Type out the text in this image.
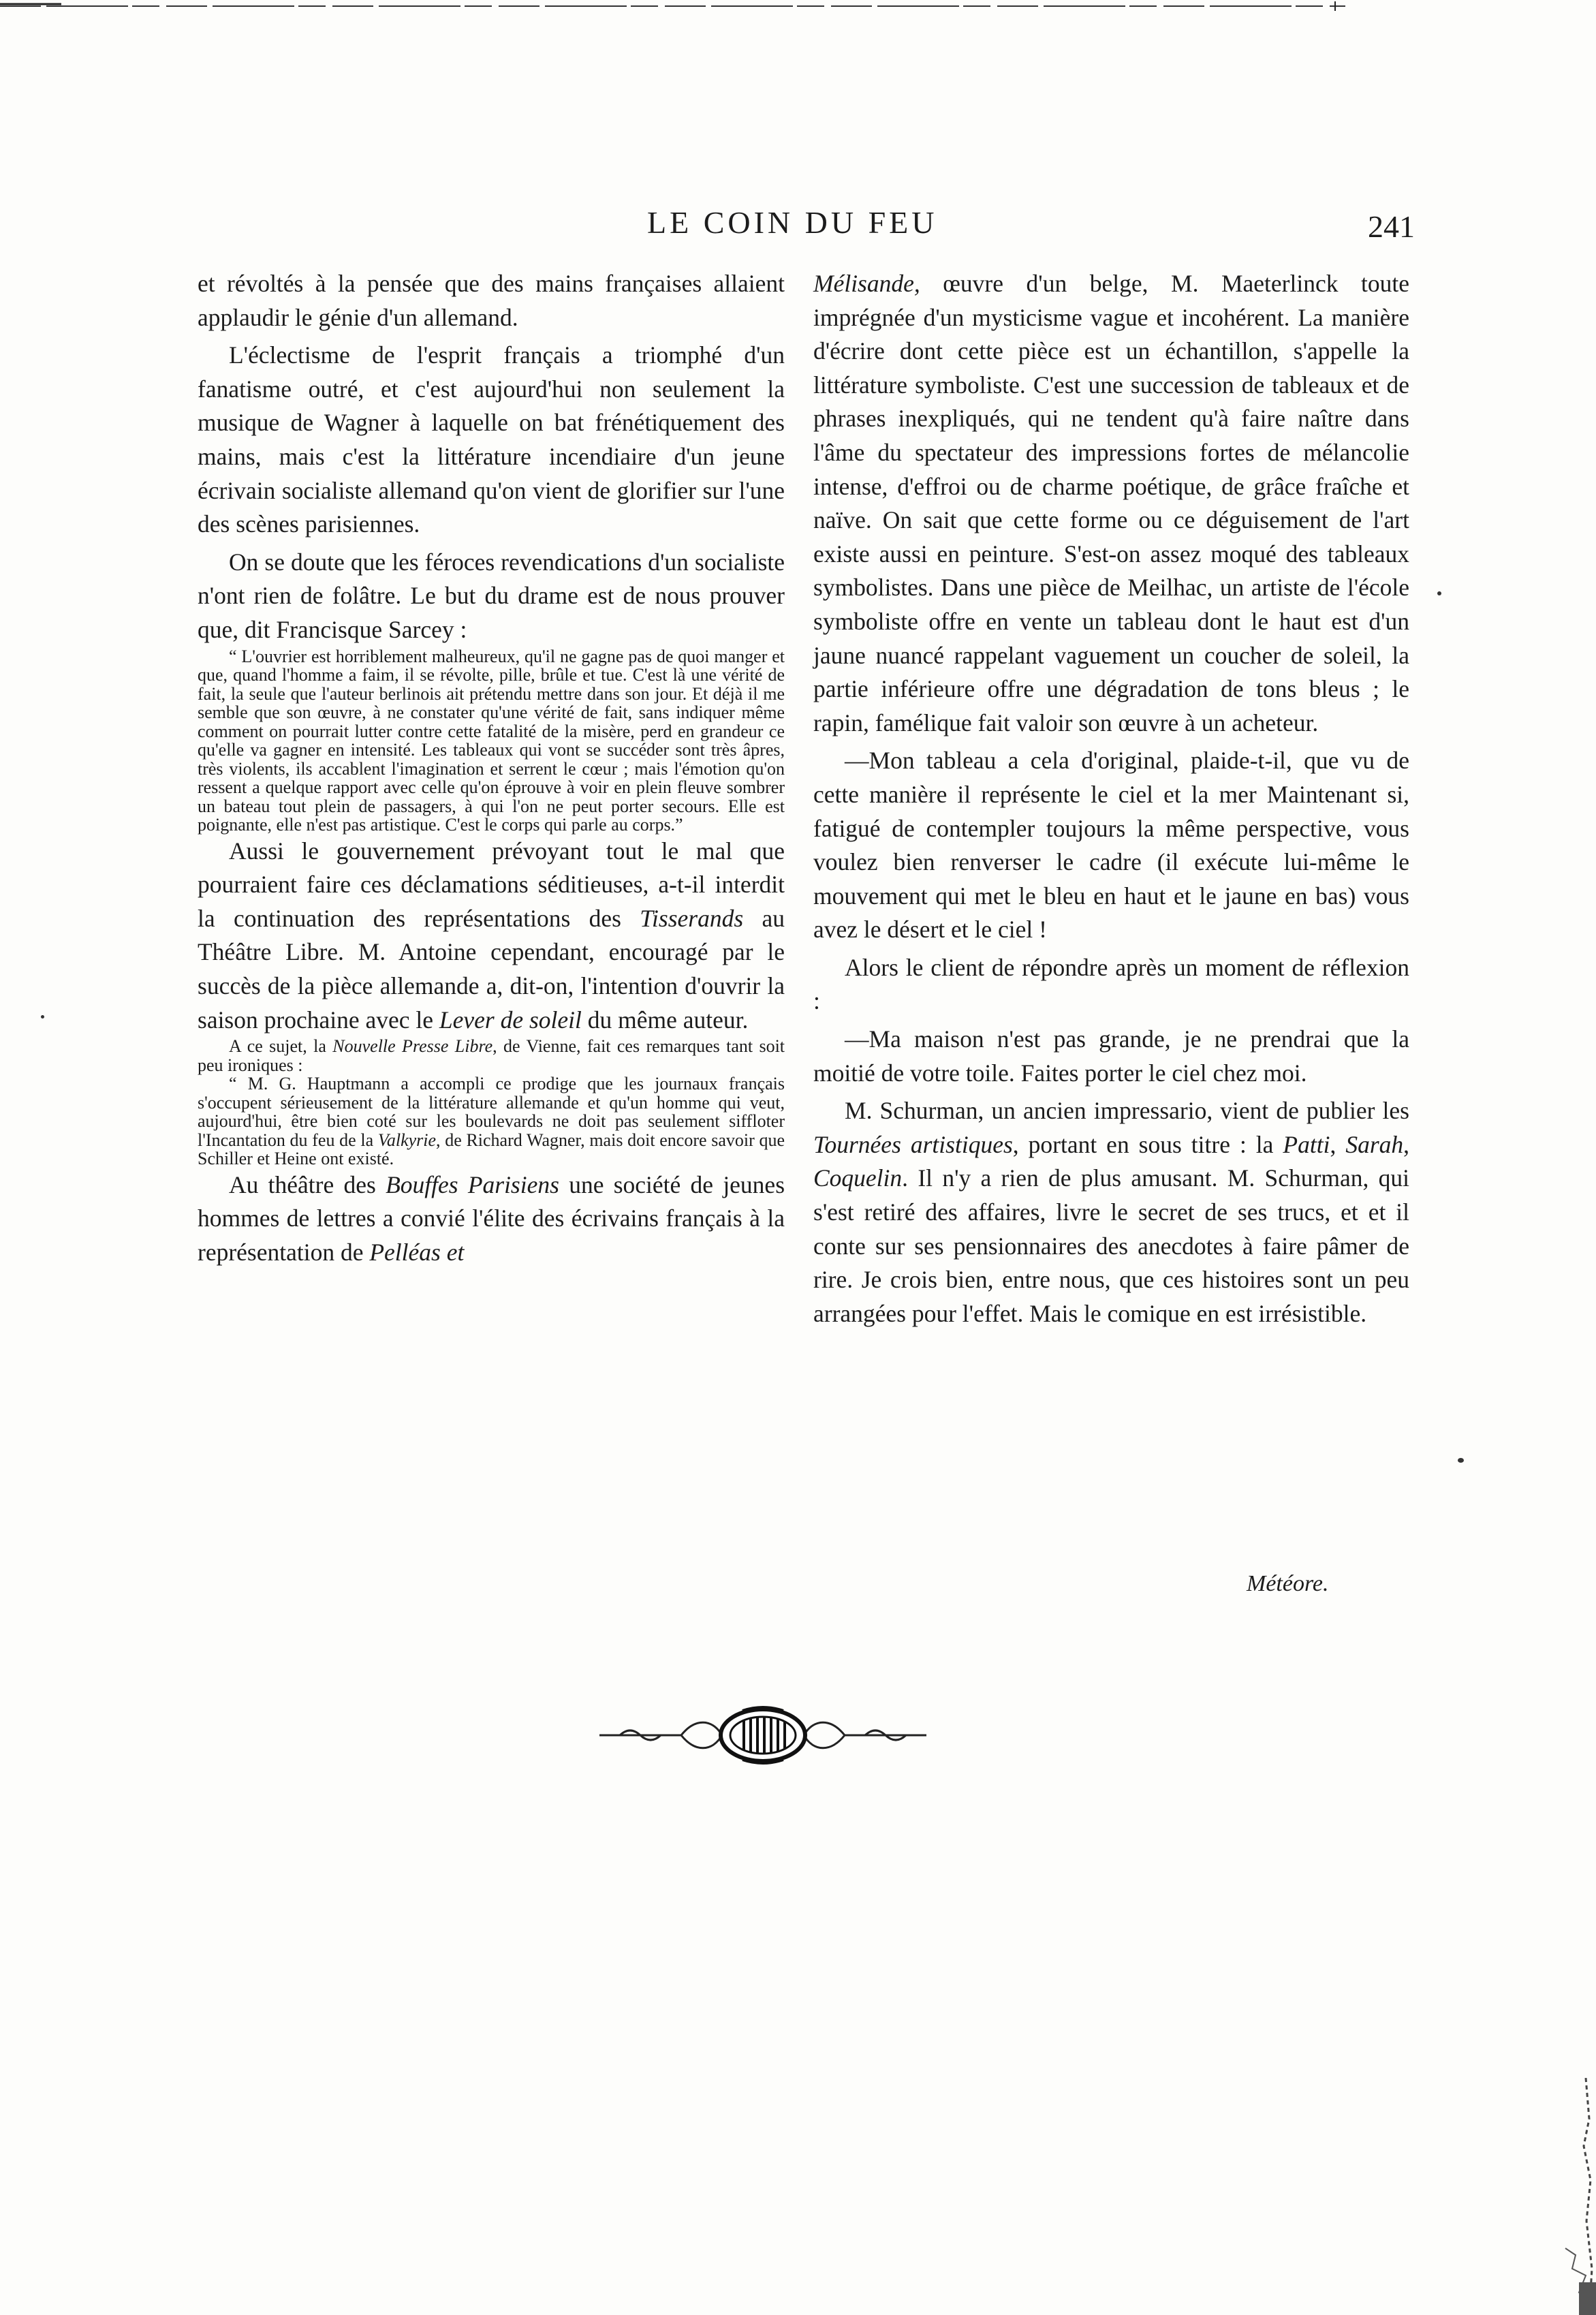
LE COIN DU FEU	241

et révoltés à la pensée que des mains françaises allaient applaudir le génie d'un allemand.

L'éclectisme de l'esprit français a triomphé d'un fanatisme outré, et c'est aujourd'hui non seulement la musique de Wagner à laquelle on bat frénétiquement des mains, mais c'est la littérature incendiaire d'un jeune écrivain socialiste allemand qu'on vient de glorifier sur l'une des scènes parisiennes.

On se doute que les féroces revendications d'un socialiste n'ont rien de folâtre. Le but du drame est de nous prouver que, dit Francisque Sarcey :

“ L'ouvrier est horriblement malheureux, qu'il ne gagne pas de quoi manger et que, quand l'homme a faim, il se révolte, pille, brûle et tue. C'est là une vérité de fait, la seule que l'auteur berlinois ait prétendu mettre dans son jour. Et déjà il me semble que son œuvre, à ne constater qu'une vérité de fait, sans indiquer même comment on pourrait lutter contre cette fatalité de la misère, perd en grandeur ce qu'elle va gagner en intensité. Les tableaux qui vont se succéder sont très âpres, très violents, ils accablent l'imagination et serrent le cœur ; mais l'émotion qu'on ressent a quelque rapport avec celle qu'on éprouve à voir en plein fleuve sombrer un bateau tout plein de passagers, à qui l'on ne peut porter secours. Elle est poignante, elle n'est pas artistique. C'est le corps qui parle au corps.”

Aussi le gouvernement prévoyant tout le mal que pourraient faire ces déclamations séditieuses, a-t-il interdit la continuation des représentations des Tisserands au Théâtre Libre. M. Antoine cependant, encouragé par le succès de la pièce allemande a, dit-on, l'intention d'ouvrir la saison prochaine avec le Lever de soleil du même auteur.

A ce sujet, la Nouvelle Presse Libre, de Vienne, fait ces remarques tant soit peu ironiques :
“ M. G. Hauptmann a accompli ce prodige que les journaux français s'occupent sérieusement de la littérature allemande et qu'un homme qui veut, aujourd'hui, être bien coté sur les boulevards ne doit pas seulement siffloter l'Incantation du feu de la Valkyrie, de Richard Wagner, mais doit encore savoir que Schiller et Heine ont existé.

Au théâtre des Bouffes Parisiens une société de jeunes hommes de lettres a convié l'élite des écrivains français à la représentation de Pelléas et

Mélisande, œuvre d'un belge, M. Maeterlinck toute imprégnée d'un mysticisme vague et incohérent. La manière d'écrire dont cette pièce est un échantillon, s'appelle la littérature symboliste. C'est une succession de tableaux et de phrases inexpliqués, qui ne tendent qu'à faire naître dans l'âme du spectateur des impressions fortes de mélancolie intense, d'effroi ou de charme poétique, de grâce fraîche et naïve. On sait que cette forme ou ce déguisement de l'art existe aussi en peinture. S'est-on assez moqué des tableaux symbolistes. Dans une pièce de Meilhac, un artiste de l'école symboliste offre en vente un tableau dont le haut est d'un jaune nuancé rappelant vaguement un coucher de soleil, la partie inférieure offre une dégradation de tons bleus ; le rapin, famélique fait valoir son œuvre à un acheteur.

—Mon tableau a cela d'original, plaide-t-il, que vu de cette manière il représente le ciel et la mer Maintenant si, fatigué de contempler toujours la même perspective, vous voulez bien renverser le cadre (il exécute lui-même le mouvement qui met le bleu en haut et le jaune en bas) vous avez le désert et le ciel !

Alors le client de répondre après un moment de réflexion :

—Ma maison n'est pas grande, je ne prendrai que la moitié de votre toile. Faites porter le ciel chez moi.

M. Schurman, un ancien impressario, vient de publier les Tournées artistiques, portant en sous titre : la Patti, Sarah, Coquelin. Il n'y a rien de plus amusant. M. Schurman, qui s'est retiré des affaires, livre le secret de ses trucs, et et il conte sur ses pensionnaires des anecdotes à faire pâmer de rire. Je crois bien, entre nous, que ces histoires sont un peu arrangées pour l'effet. Mais le comique en est irrésistible.

Météore.
